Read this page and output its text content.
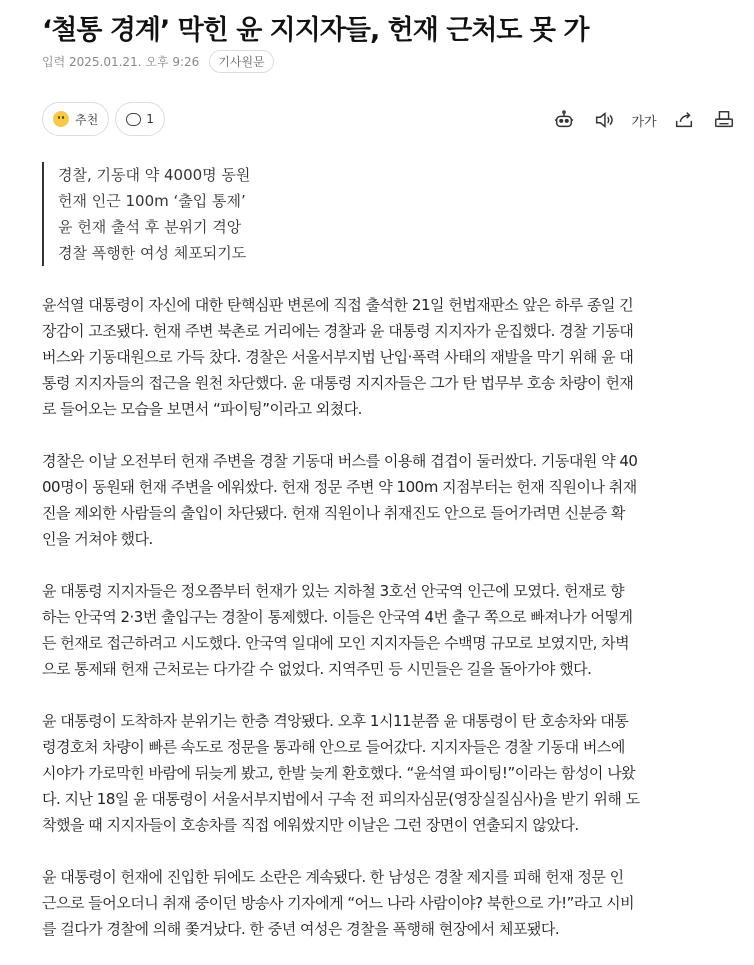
‘철통 경계’ 막힌 윤 지지자들, 헌재 근처도 못 가
입력 2025.01.21. 오후 9:26	기사원문
추천	1	가가
경찰, 기동대 약 4000명 동원
헌재 인근 100m ‘출입 통제’
윤 헌재 출석 후 분위기 격앙
경찰 폭행한 여성 체포되기도
윤석열 대통령이 자신에 대한 탄핵심판 변론에 직접 출석한 21일 헌법재판소 앞은 하루 종일 긴
장감이 고조됐다. 헌재 주변 북촌로 거리에는 경찰과 윤 대통령 지지자가 운집했다. 경찰 기동대
버스와 기동대원으로 가득 찼다. 경찰은 서울서부지법 난입·폭력 사태의 재발을 막기 위해 윤 대
통령 지지자들의 접근을 원천 차단했다. 윤 대통령 지지자들은 그가 탄 법무부 호송 차량이 헌재
로 들어오는 모습을 보면서 “파이팅”이라고 외쳤다.
경찰은 이날 오전부터 헌재 주변을 경찰 기동대 버스를 이용해 겹겹이 둘러쌌다. 기동대원 약 40
00명이 동원돼 헌재 주변을 에워쌌다. 헌재 정문 주변 약 100m 지점부터는 헌재 직원이나 취재
진을 제외한 사람들의 출입이 차단됐다. 헌재 직원이나 취재진도 안으로 들어가려면 신분증 확
인을 거쳐야 했다.
윤 대통령 지지자들은 정오쯤부터 헌재가 있는 지하철 3호선 안국역 인근에 모였다. 헌재로 향
하는 안국역 2·3번 출입구는 경찰이 통제했다. 이들은 안국역 4번 출구 쪽으로 빠져나가 어떻게
든 헌재로 접근하려고 시도했다. 안국역 일대에 모인 지지자들은 수백명 규모로 보였지만, 차벽
으로 통제돼 헌재 근처로는 다가갈 수 없었다. 지역주민 등 시민들은 길을 돌아가야 했다.
윤 대통령이 도착하자 분위기는 한층 격앙됐다. 오후 1시11분쯤 윤 대통령이 탄 호송차와 대통
령경호처 차량이 빠른 속도로 정문을 통과해 안으로 들어갔다. 지지자들은 경찰 기동대 버스에
시야가 가로막힌 바람에 뒤늦게 봤고, 한발 늦게 환호했다. “윤석열 파이팅!”이라는 함성이 나왔
다. 지난 18일 윤 대통령이 서울서부지법에서 구속 전 피의자심문(영장실질심사)을 받기 위해 도
착했을 때 지지자들이 호송차를 직접 에워쌌지만 이날은 그런 장면이 연출되지 않았다.
윤 대통령이 헌재에 진입한 뒤에도 소란은 계속됐다. 한 남성은 경찰 제지를 피해 헌재 정문 인
근으로 들어오더니 취재 중이던 방송사 기자에게 “어느 나라 사람이야? 북한으로 가!”라고 시비
를 걸다가 경찰에 의해 쫓겨났다. 한 중년 여성은 경찰을 폭행해 현장에서 체포됐다.
